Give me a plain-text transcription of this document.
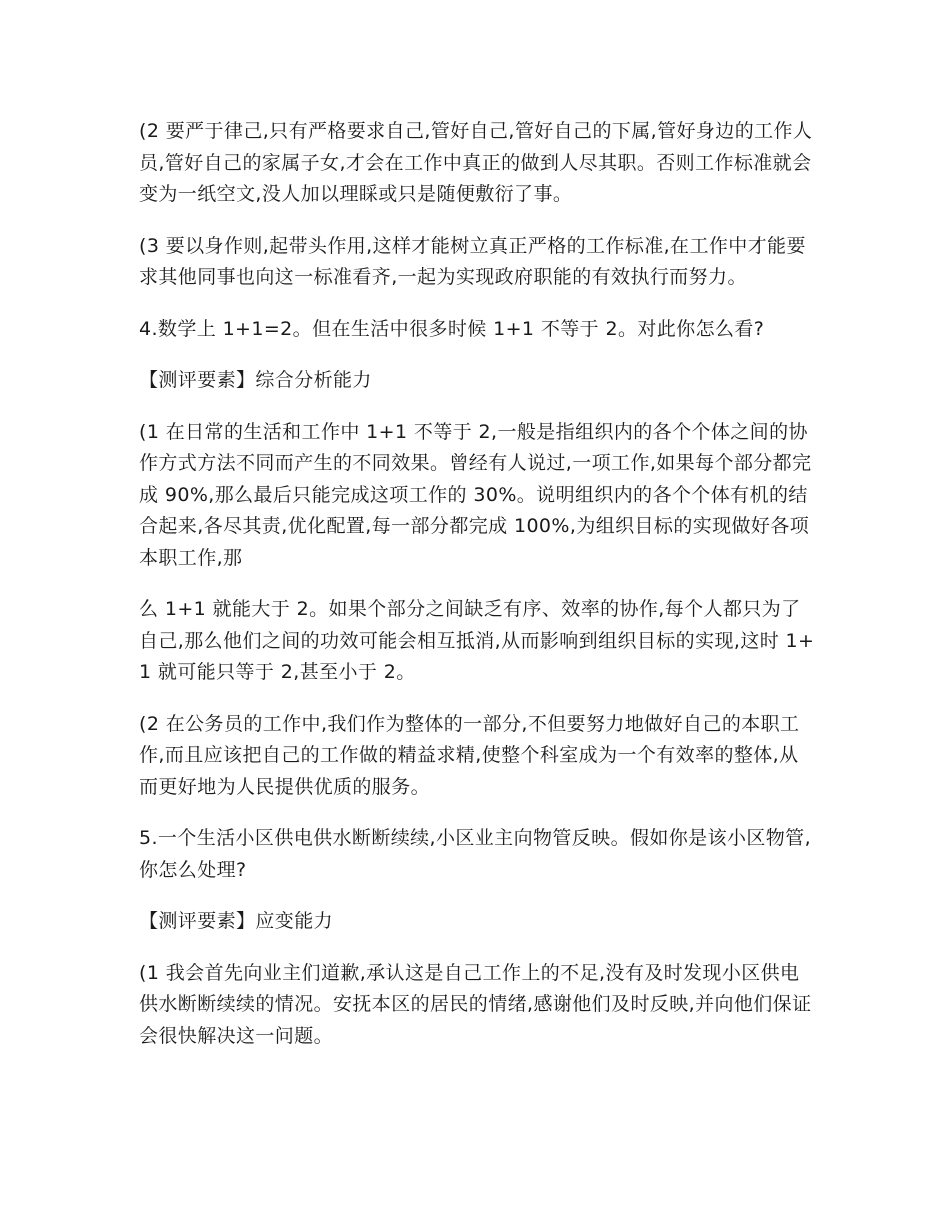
(2 要严于律己,只有严格要求自己,管好自己,管好自己的下属,管好身边的工作人员,管好自己的家属子女,才会在工作中真正的做到人尽其职。否则工作标准就会变为一纸空文,没人加以理睬或只是随便敷衍了事。

(3 要以身作则,起带头作用,这样才能树立真正严格的工作标准,在工作中才能要求其他同事也向这一标准看齐,一起为实现政府职能的有效执行而努力。

4.数学上 1+1=2。但在生活中很多时候 1+1 不等于 2。对此你怎么看?

【测评要素】综合分析能力

(1 在日常的生活和工作中 1+1 不等于 2,一般是指组织内的各个个体之间的协作方式方法不同而产生的不同效果。曾经有人说过,一项工作,如果每个部分都完成 90%,那么最后只能完成这项工作的 30%。说明组织内的各个个体有机的结合起来,各尽其责,优化配置,每一部分都完成 100%,为组织目标的实现做好各项本职工作,那

么 1+1 就能大于 2。如果个部分之间缺乏有序、效率的协作,每个人都只为了自己,那么他们之间的功效可能会相互抵消,从而影响到组织目标的实现,这时 1+1 就可能只等于 2,甚至小于 2。

(2 在公务员的工作中,我们作为整体的一部分,不但要努力地做好自己的本职工作,而且应该把自己的工作做的精益求精,使整个科室成为一个有效率的整体,从而更好地为人民提供优质的服务。

5.一个生活小区供电供水断断续续,小区业主向物管反映。假如你是该小区物管,你怎么处理?

【测评要素】应变能力

(1 我会首先向业主们道歉,承认这是自己工作上的不足,没有及时发现小区供电供水断断续续的情况。安抚本区的居民的情绪,感谢他们及时反映,并向他们保证会很快解决这一问题。
